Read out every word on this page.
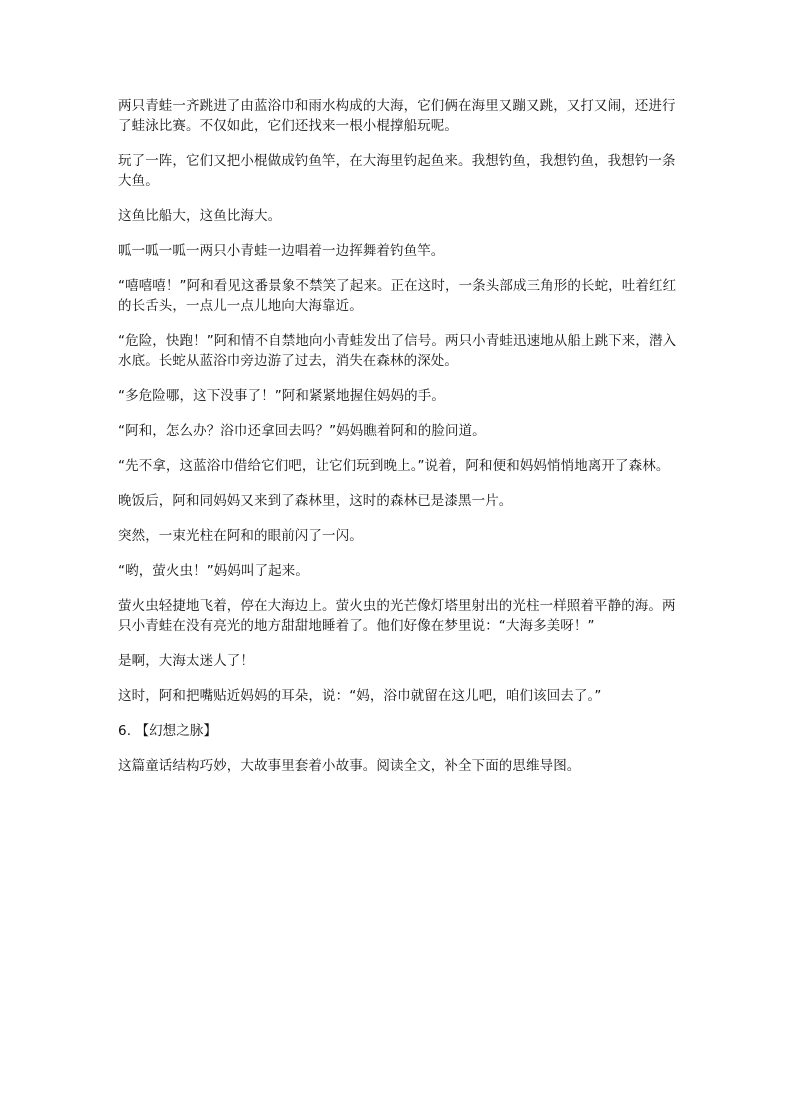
两只青蛙一齐跳进了由蓝浴巾和雨水构成的大海，它们俩在海里又蹦又跳，又打又闹，还进行了蛙泳比赛。不仅如此，它们还找来一根小棍撑船玩呢。

玩了一阵，它们又把小棍做成钓鱼竿，在大海里钓起鱼来。我想钓鱼，我想钓鱼，我想钓一条大鱼。

这鱼比船大，这鱼比海大。

呱一呱一呱一两只小青蛙一边唱着一边挥舞着钓鱼竿。

“嘻嘻嘻！”阿和看见这番景象不禁笑了起来。正在这时，一条头部成三角形的长蛇，吐着红红的长舌头，一点儿一点儿地向大海靠近。

“危险，快跑！”阿和情不自禁地向小青蛙发出了信号。两只小青蛙迅速地从船上跳下来，潜入水底。长蛇从蓝浴巾旁边游了过去，消失在森林的深处。

“多危险哪，这下没事了！”阿和紧紧地握住妈妈的手。

“阿和，怎么办？浴巾还拿回去吗？”妈妈瞧着阿和的脸问道。

“先不拿，这蓝浴巾借给它们吧，让它们玩到晚上。”说着，阿和便和妈妈悄悄地离开了森林。

晚饭后，阿和同妈妈又来到了森林里，这时的森林已是漆黑一片。

突然，一束光柱在阿和的眼前闪了一闪。

“哟，萤火虫！”妈妈叫了起来。

萤火虫轻捷地飞着，停在大海边上。萤火虫的光芒像灯塔里射出的光柱一样照着平静的海。两只小青蛙在没有亮光的地方甜甜地睡着了。他们好像在梦里说：“大海多美呀！”

是啊，大海太迷人了！

这时，阿和把嘴贴近妈妈的耳朵，说：“妈，浴巾就留在这儿吧，咱们该回去了。”

6. 【幻想之脉】

这篇童话结构巧妙，大故事里套着小故事。阅读全文，补全下面的思维导图。
